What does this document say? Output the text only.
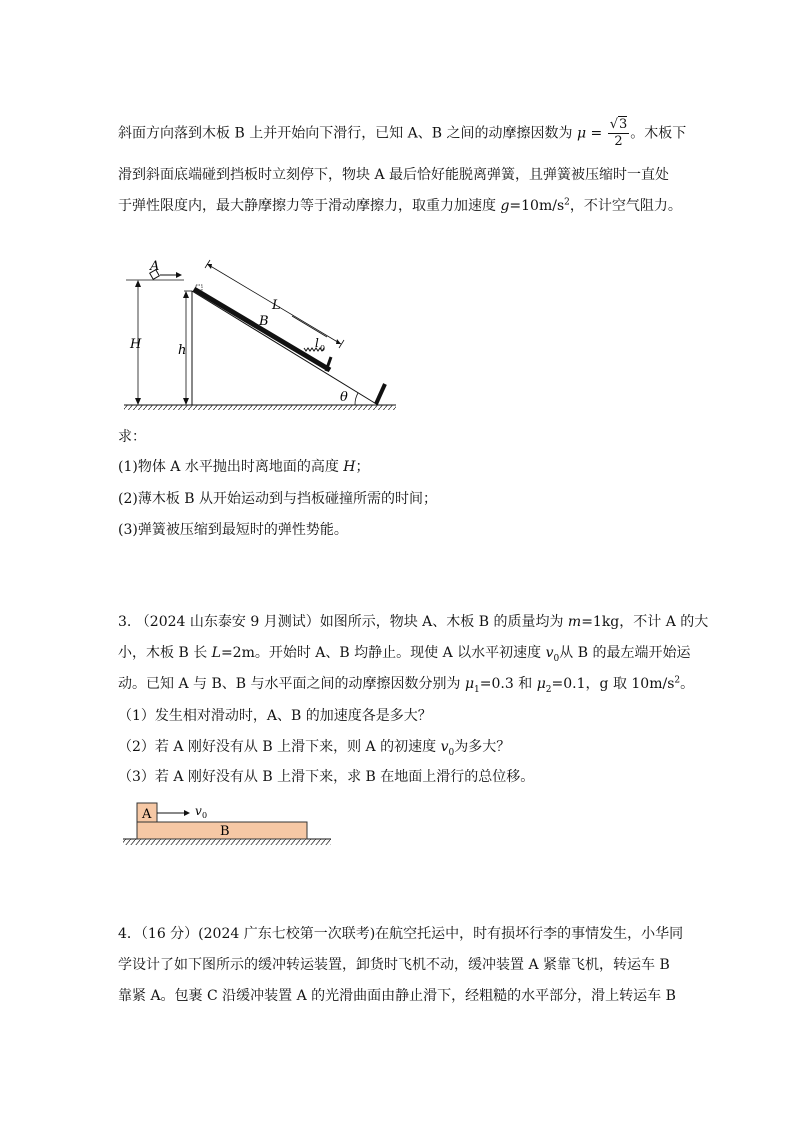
斜面方向落到木板 B 上并开始向下滑行，已知 A、B 之间的动摩擦因数为 $\mu = \frac{√3}{2}$ 。木板下
滑到斜面底端碰到挡板时立刻停下，物块 A 最后恰好能脱离弹簧，且弹簧被压缩时一直处
于弹性限度内，最大静摩擦力等于滑动摩擦力，取重力加速度 $g=10m/s^2$，不计空气阻力。
θ
A
H	h
L
B
l 0
求：
(1)物体 A 水平抛出时离地面的高度 H；
(2)薄木板 B 从开始运动到与挡板碰撞所需的时间；
(3)弹簧被压缩到最短时的弹性势能。
3. （2024 山东泰安 9 月测试）如图所示，物块 A、木板 B 的质量均为 m=1kg，不计 A 的大
小，木板 B 长 L=2m。开始时 A、B 均静止。现使 A 以水平初速度 $v_0$从 B 的最左端开始运
动。已知 A 与 B、B 与水平面之间的动摩擦因数分别为 $\mu_1=0.3$ 和 $\mu_2=0.1$，g 取 $10m/s^2$。
（1）发生相对滑动时，A、B 的加速度各是多大？
（2）若 A 刚好没有从 B 上滑下来，则 A 的初速度 $v_0$为多大？
（3）若 A 刚好没有从 B 上滑下来，求 B 在地面上滑行的总位移。
A
B
v 0
4．（16 分）(2024 广东七校第一次联考)在航空托运中，时有损坏行李的事情发生，小华同
学设计了如下图所示的缓冲转运装置，卸货时飞机不动，缓冲装置 A 紧靠飞机，转运车 B
靠紧 A。包裹 C 沿缓冲装置 A 的光滑曲面由静止滑下，经粗糙的水平部分，滑上转运车 B
